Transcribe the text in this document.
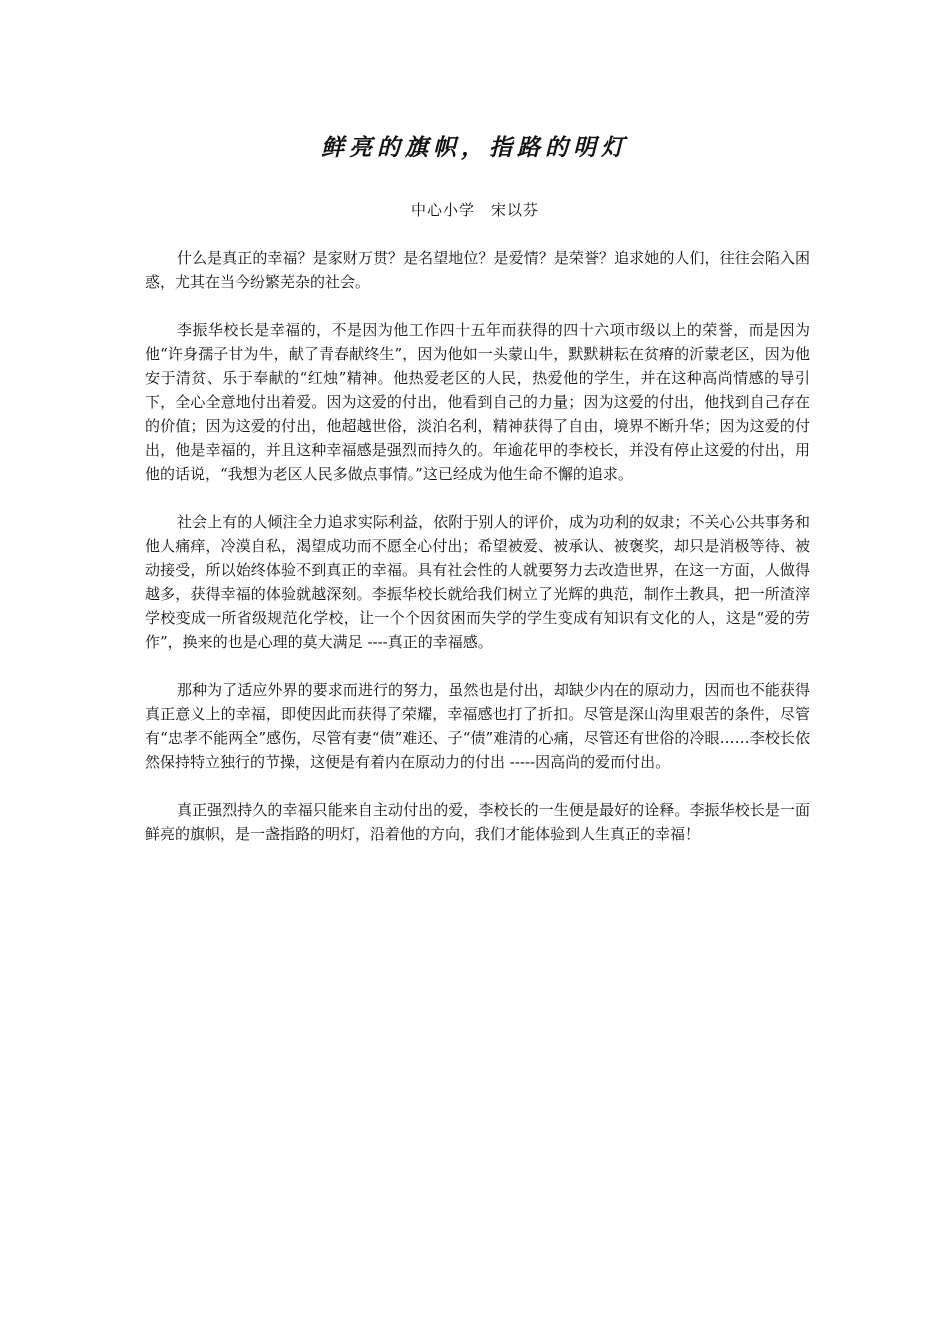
鲜亮的旗帜，指路的明灯
中心小学　宋以芬

什么是真正的幸福？是家财万贯？是名望地位？是爱情？是荣誉？追求她的人们，往往会陷入困惑，尤其在当今纷繁芜杂的社会。

李振华校长是幸福的，不是因为他工作四十五年而获得的四十六项市级以上的荣誉，而是因为他“许身孺子甘为牛，献了青春献终生”，因为他如一头蒙山牛，默默耕耘在贫瘠的沂蒙老区，因为他安于清贫、乐于奉献的“红烛”精神。他热爱老区的人民，热爱他的学生，并在这种高尚情感的导引下，全心全意地付出着爱。因为这爱的付出，他看到自己的力量；因为这爱的付出，他找到自己存在的价值；因为这爱的付出，他超越世俗，淡泊名利，精神获得了自由，境界不断升华；因为这爱的付出，他是幸福的，并且这种幸福感是强烈而持久的。年逾花甲的李校长，并没有停止这爱的付出，用他的话说，“我想为老区人民多做点事情。”这已经成为他生命不懈的追求。

社会上有的人倾注全力追求实际利益，依附于别人的评价，成为功利的奴隶；不关心公共事务和他人痛痒，冷漠自私，渴望成功而不愿全心付出；希望被爱、被承认、被褒奖，却只是消极等待、被动接受，所以始终体验不到真正的幸福。具有社会性的人就要努力去改造世界，在这一方面，人做得越多，获得幸福的体验就越深刻。李振华校长就给我们树立了光辉的典范，制作土教具，把一所渣滓学校变成一所省级规范化学校，让一个个因贫困而失学的学生变成有知识有文化的人，这是“爱的劳作”，换来的也是心理的莫大满足 ----真正的幸福感。

那种为了适应外界的要求而进行的努力，虽然也是付出，却缺少内在的原动力，因而也不能获得真正意义上的幸福，即使因此而获得了荣耀，幸福感也打了折扣。尽管是深山沟里艰苦的条件，尽管有“忠孝不能两全”感伤，尽管有妻“债”难还、子“债”难清的心痛，尽管还有世俗的冷眼……李校长依然保持特立独行的节操，这便是有着内在原动力的付出 -----因高尚的爱而付出。

真正强烈持久的幸福只能来自主动付出的爱，李校长的一生便是最好的诠释。李振华校长是一面鲜亮的旗帜，是一盏指路的明灯，沿着他的方向，我们才能体验到人生真正的幸福！
